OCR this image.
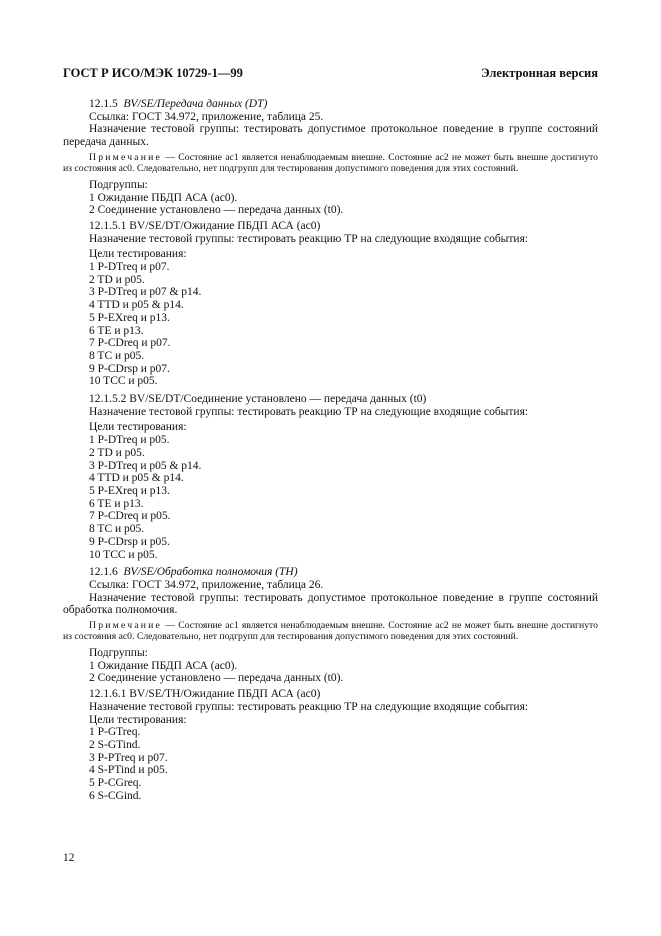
ГОСТ Р ИСО/МЭК 10729-1—99	Электронная версия

12.1.5 BV/SE/Передача данных (DT)

Ссылка: ГОСТ 34.972, приложение, таблица 25.

Назначение тестовой группы: тестировать допустимое протокольное поведение в группе состояний передача данных.

Примечание — Состояние ac1 является ненаблюдаемым внешне. Состояние ac2 не может быть внешне достигнуто из состояния ac0. Следовательно, нет подгрупп для тестирования допустимого поведения для этих состояний.

Подгруппы:

1 Ожидание ПБДП АСА (ac0).

2 Соединение установлено — передача данных (t0).

12.1.5.1 BV/SE/DT/Ожидание ПБДП АСА (ac0)

Назначение тестовой группы: тестировать реакцию ТР на следующие входящие события:

Цели тестирования:

1 P-DTreq и p07.

2 TD и p05.

3 P-DTreq и p07 & p14.

4 TTD и p05 & p14.

5 P-EXreq и p13.

6 TE и p13.

7 P-CDreq и p07.

8 TC и p05.

9 P-CDrsp и p07.

10 TCC и p05.

12.1.5.2 BV/SE/DT/Соединение установлено — передача данных (t0)

Назначение тестовой группы: тестировать реакцию ТР на следующие входящие события:

Цели тестирования:

1 P-DTreq и p05.

2 TD и p05.

3 P-DTreq и p05 & p14.

4 TTD и p05 & p14.

5 P-EXreq и p13.

6 TE и p13.

7 P-CDreq и p05.

8 TC и p05.

9 P-CDrsp и p05.

10 TCC и p05.

12.1.6 BV/SE/Обработка полномочия (TH)

Ссылка: ГОСТ 34.972, приложение, таблица 26.

Назначение тестовой группы: тестировать допустимое протокольное поведение в группе состояний обработка полномочия.

Примечание — Состояние ac1 является ненаблюдаемым внешне. Состояние ac2 не может быть внешне достигнуто из состояния ac0. Следовательно, нет подгрупп для тестирования допустимого поведения для этих состояний.

Подгруппы:

1 Ожидание ПБДП АСА (ac0).

2 Соединение установлено — передача данных (t0).

12.1.6.1 BV/SE/TH/Ожидание ПБДП АСА (ac0)

Назначение тестовой группы: тестировать реакцию ТР на следующие входящие события:

Цели тестирования:

1 P-GTreq.

2 S-GTind.

3 P-PTreq и p07.

4 S-PTind и p05.

5 P-CGreq.

6 S-CGind.

12
